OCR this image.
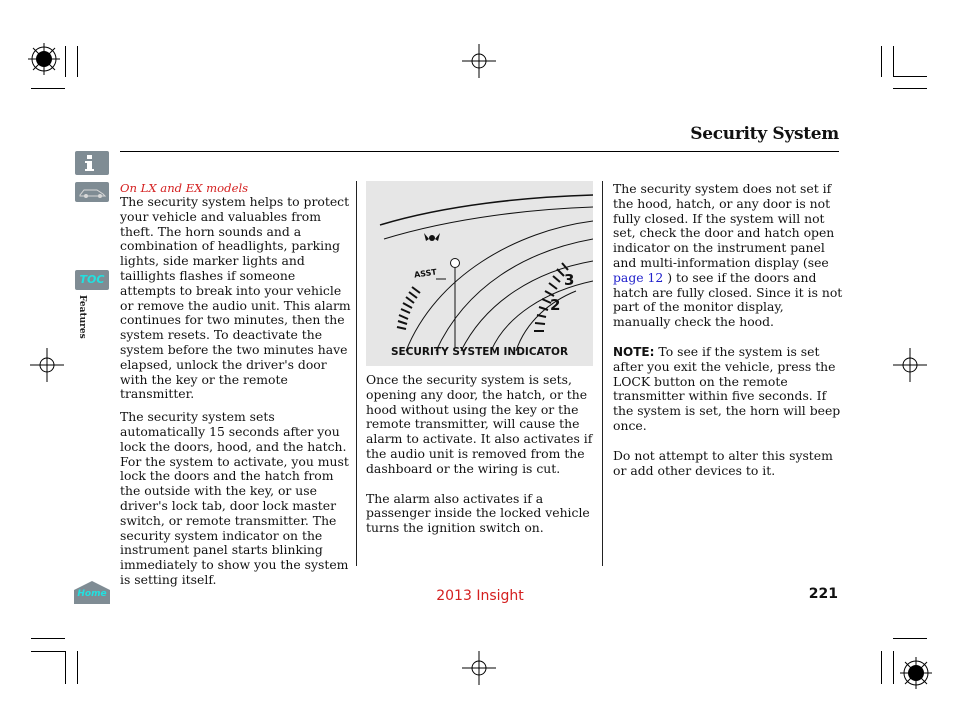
Security System
TOC
Features
Home
On LX and EX models

The security system helps to protect your vehicle and valuables from theft. The horn sounds and a combination of headlights, parking lights, side marker lights and taillights flashes if someone attempts to break into your vehicle or remove the audio unit. This alarm continues for two minutes, then the system resets. To deactivate the system before the two minutes have elapsed, unlock the driver's door with the key or the remote transmitter.

The security system sets automatically 15 seconds after you lock the doors, hood, and the hatch. For the system to activate, you must lock the doors and the hatch from the outside with the key, or use driver's lock tab, door lock master switch, or remote transmitter. The security system indicator on the instrument panel starts blinking immediately to show you the system is setting itself.

ASST	3
2
SECURITY SYSTEM INDICATOR

Once the security system is sets, opening any door, the hatch, or the hood without using the key or the remote transmitter, will cause the alarm to activate. It also activates if the audio unit is removed from the dashboard or the wiring is cut.

The alarm also activates if a passenger inside the locked vehicle turns the ignition switch on.

The security system does not set if the hood, hatch, or any door is not fully closed. If the system will not set, check the door and hatch open indicator on the instrument panel and multi-information display (see page 12 ) to see if the doors and hatch are fully closed. Since it is not part of the monitor display, manually check the hood.

NOTE: To see if the system is set after you exit the vehicle, press the LOCK button on the remote transmitter within five seconds. If the system is set, the horn will beep once.

Do not attempt to alter this system or add other devices to it.

2013 Insight	221
